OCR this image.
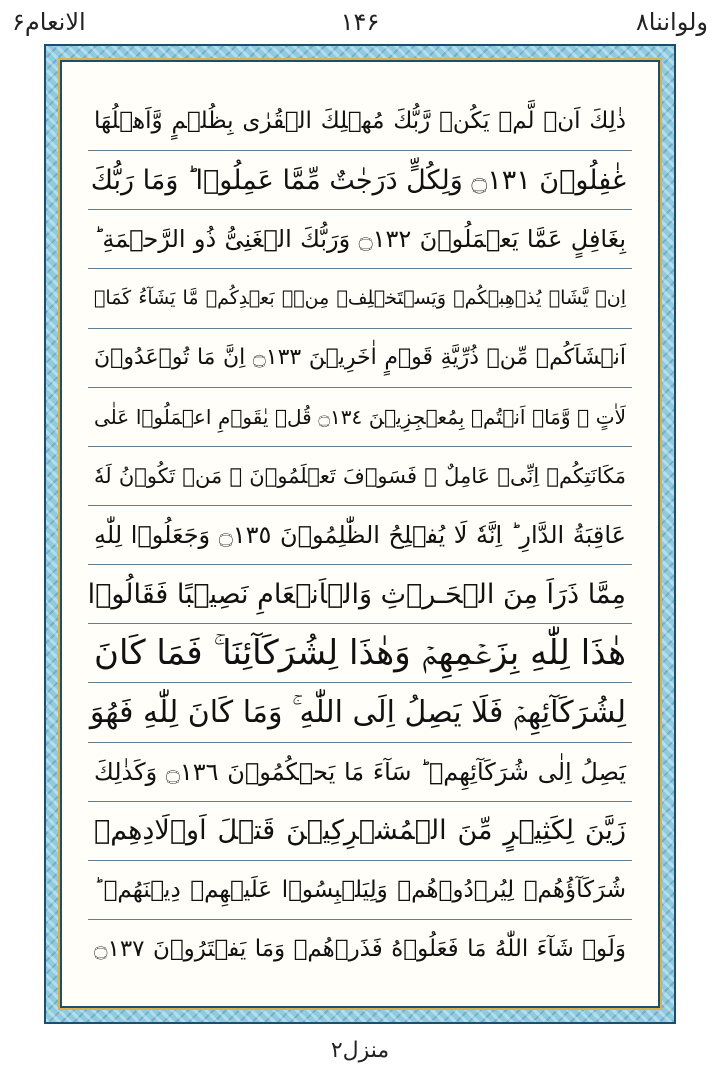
ولواننا۸
۱۴۶
الانعام۶
ذٰلِكَ اَنۡ لَّمۡ يَكُنۡ رَّبُّكَ مُهۡلِكَ الۡقُرٰى بِظُلۡمٍ وَّاَهۡلُهَا
غٰفِلُوۡنَ ۝١٣١ وَلِكُلٍّ دَرَجٰتٌ مِّمَّا عَمِلُوۡا ؕ وَمَا رَبُّكَ
بِغَافِلٍ عَمَّا يَعۡمَلُوۡنَ ۝١٣٢ وَرَبُّكَ الۡغَنِىُّ ذُو الرَّحۡمَةِ ؕ
اِنۡ يَّشَاۡ يُذۡهِبۡكُمۡ وَيَسۡتَخۡلِفۡ مِنۡۢ بَعۡدِكُمۡ مَّا يَشَآءُ كَمَاۤ
اَنۡشَاَكُمۡ مِّنۡ ذُرِّيَّةِ قَوۡمٍ اٰخَرِيۡنَ ۝١٣٣ اِنَّ مَا تُوۡعَدُوۡنَ
لَاٰتٍ ۙ وَّمَاۤ اَنۡتُمۡ بِمُعۡجِزِيۡنَ ۝١٣٤ قُلۡ يٰقَوۡمِ اعۡمَلُوۡا عَلٰى
مَكَانَتِكُمۡ اِنِّىۡ عَامِلٌ ۚ فَسَوۡفَ تَعۡلَمُوۡنَ ۙ مَنۡ تَكُوۡنُ لَهٗ
عَاقِبَةُ الدَّارِ ؕ اِنَّهٗ لَا يُفۡلِحُ الظّٰلِمُوۡنَ ۝١٣٥ وَجَعَلُوۡا لِلّٰهِ
مِمَّا ذَرَاَ مِنَ الۡحَـرۡثِ وَالۡاَنۡعَامِ نَصِيۡبًا فَقَالُوۡا
هٰذَا لِلّٰهِ بِزَعۡمِهِمۡ وَهٰذَا لِشُرَكَآئِنَا ۚ فَمَا كَانَ
لِشُرَكَآئِهِمۡ فَلَا يَصِلُ اِلَى اللّٰهِ ۚ وَمَا كَانَ لِلّٰهِ فَهُوَ
يَصِلُ اِلٰى شُرَكَآئِهِمۡ ؕ سَآءَ مَا يَحۡكُمُوۡنَ ۝١٣٦ وَكَذٰلِكَ
زَيَّنَ لِكَثِيۡرٍ مِّنَ الۡمُشۡرِكِيۡنَ قَتۡلَ اَوۡلَادِهِمۡ
شُرَكَآؤُهُمۡ لِيُرۡدُوۡهُمۡ وَلِيَلۡبِسُوۡا عَلَيۡهِمۡ دِيۡنَهُمۡ ؕ
وَلَوۡ شَآءَ اللّٰهُ مَا فَعَلُوۡهُ فَذَرۡهُمۡ وَمَا يَفۡتَرُوۡنَ ۝١٣٧
منزل۲
